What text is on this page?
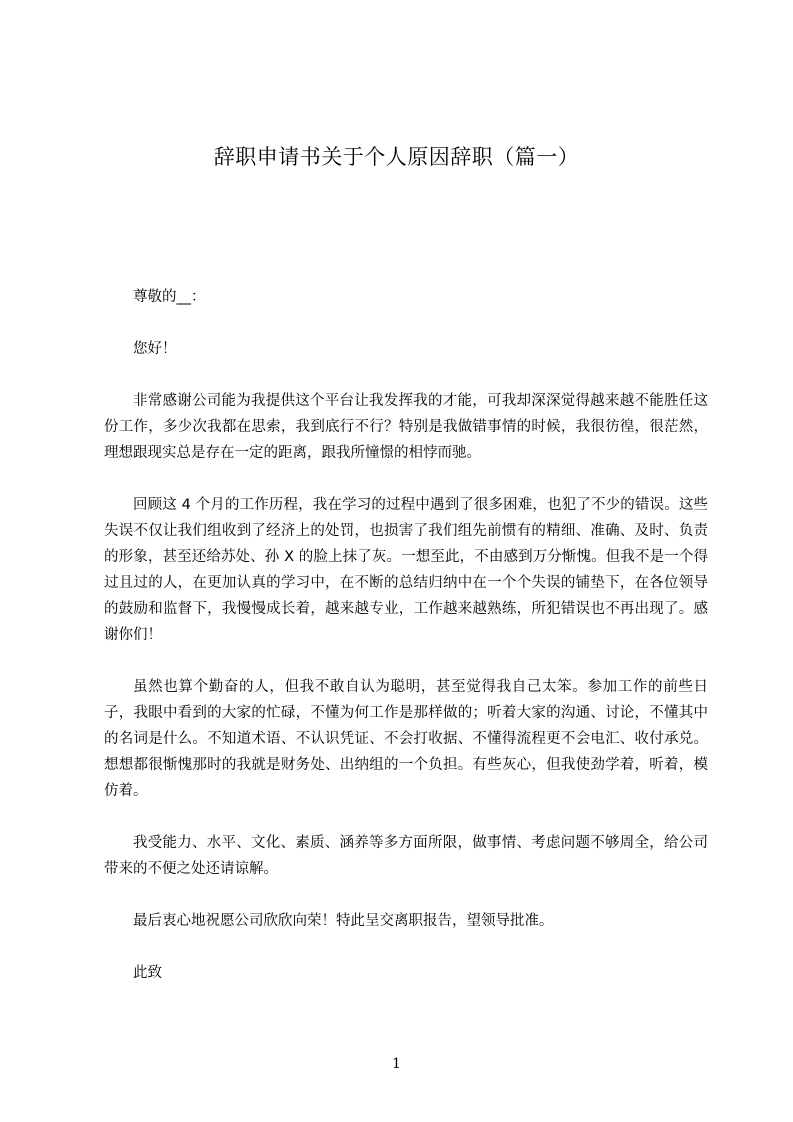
辞职申请书关于个人原因辞职（篇一）

尊敬的__：

您好！

非常感谢公司能为我提供这个平台让我发挥我的才能，可我却深深觉得越来越不能胜任这份工作，多少次我都在思索，我到底行不行？特别是我做错事情的时候，我很彷徨，很茫然，理想跟现实总是存在一定的距离，跟我所憧憬的相悖而驰。

回顾这 4 个月的工作历程，我在学习的过程中遇到了很多困难，也犯了不少的错误。这些失误不仅让我们组收到了经济上的处罚，也损害了我们组先前惯有的精细、准确、及时、负责的形象，甚至还给苏处、孙 X 的脸上抹了灰。一想至此，不由感到万分惭愧。但我不是一个得过且过的人，在更加认真的学习中，在不断的总结归纳中在一个个失误的铺垫下，在各位领导的鼓励和监督下，我慢慢成长着，越来越专业，工作越来越熟练，所犯错误也不再出现了。感谢你们！

虽然也算个勤奋的人，但我不敢自认为聪明，甚至觉得我自己太笨。参加工作的前些日子，我眼中看到的大家的忙碌，不懂为何工作是那样做的；听着大家的沟通、讨论，不懂其中的名词是什么。不知道术语、不认识凭证、不会打收据、不懂得流程更不会电汇、收付承兑。想想都很惭愧那时的我就是财务处、出纳组的一个负担。有些灰心，但我使劲学着，听着，模仿着。

我受能力、水平、文化、素质、涵养等多方面所限，做事情、考虑问题不够周全，给公司带来的不便之处还请谅解。

最后衷心地祝愿公司欣欣向荣！特此呈交离职报告，望领导批准。

此致

1
